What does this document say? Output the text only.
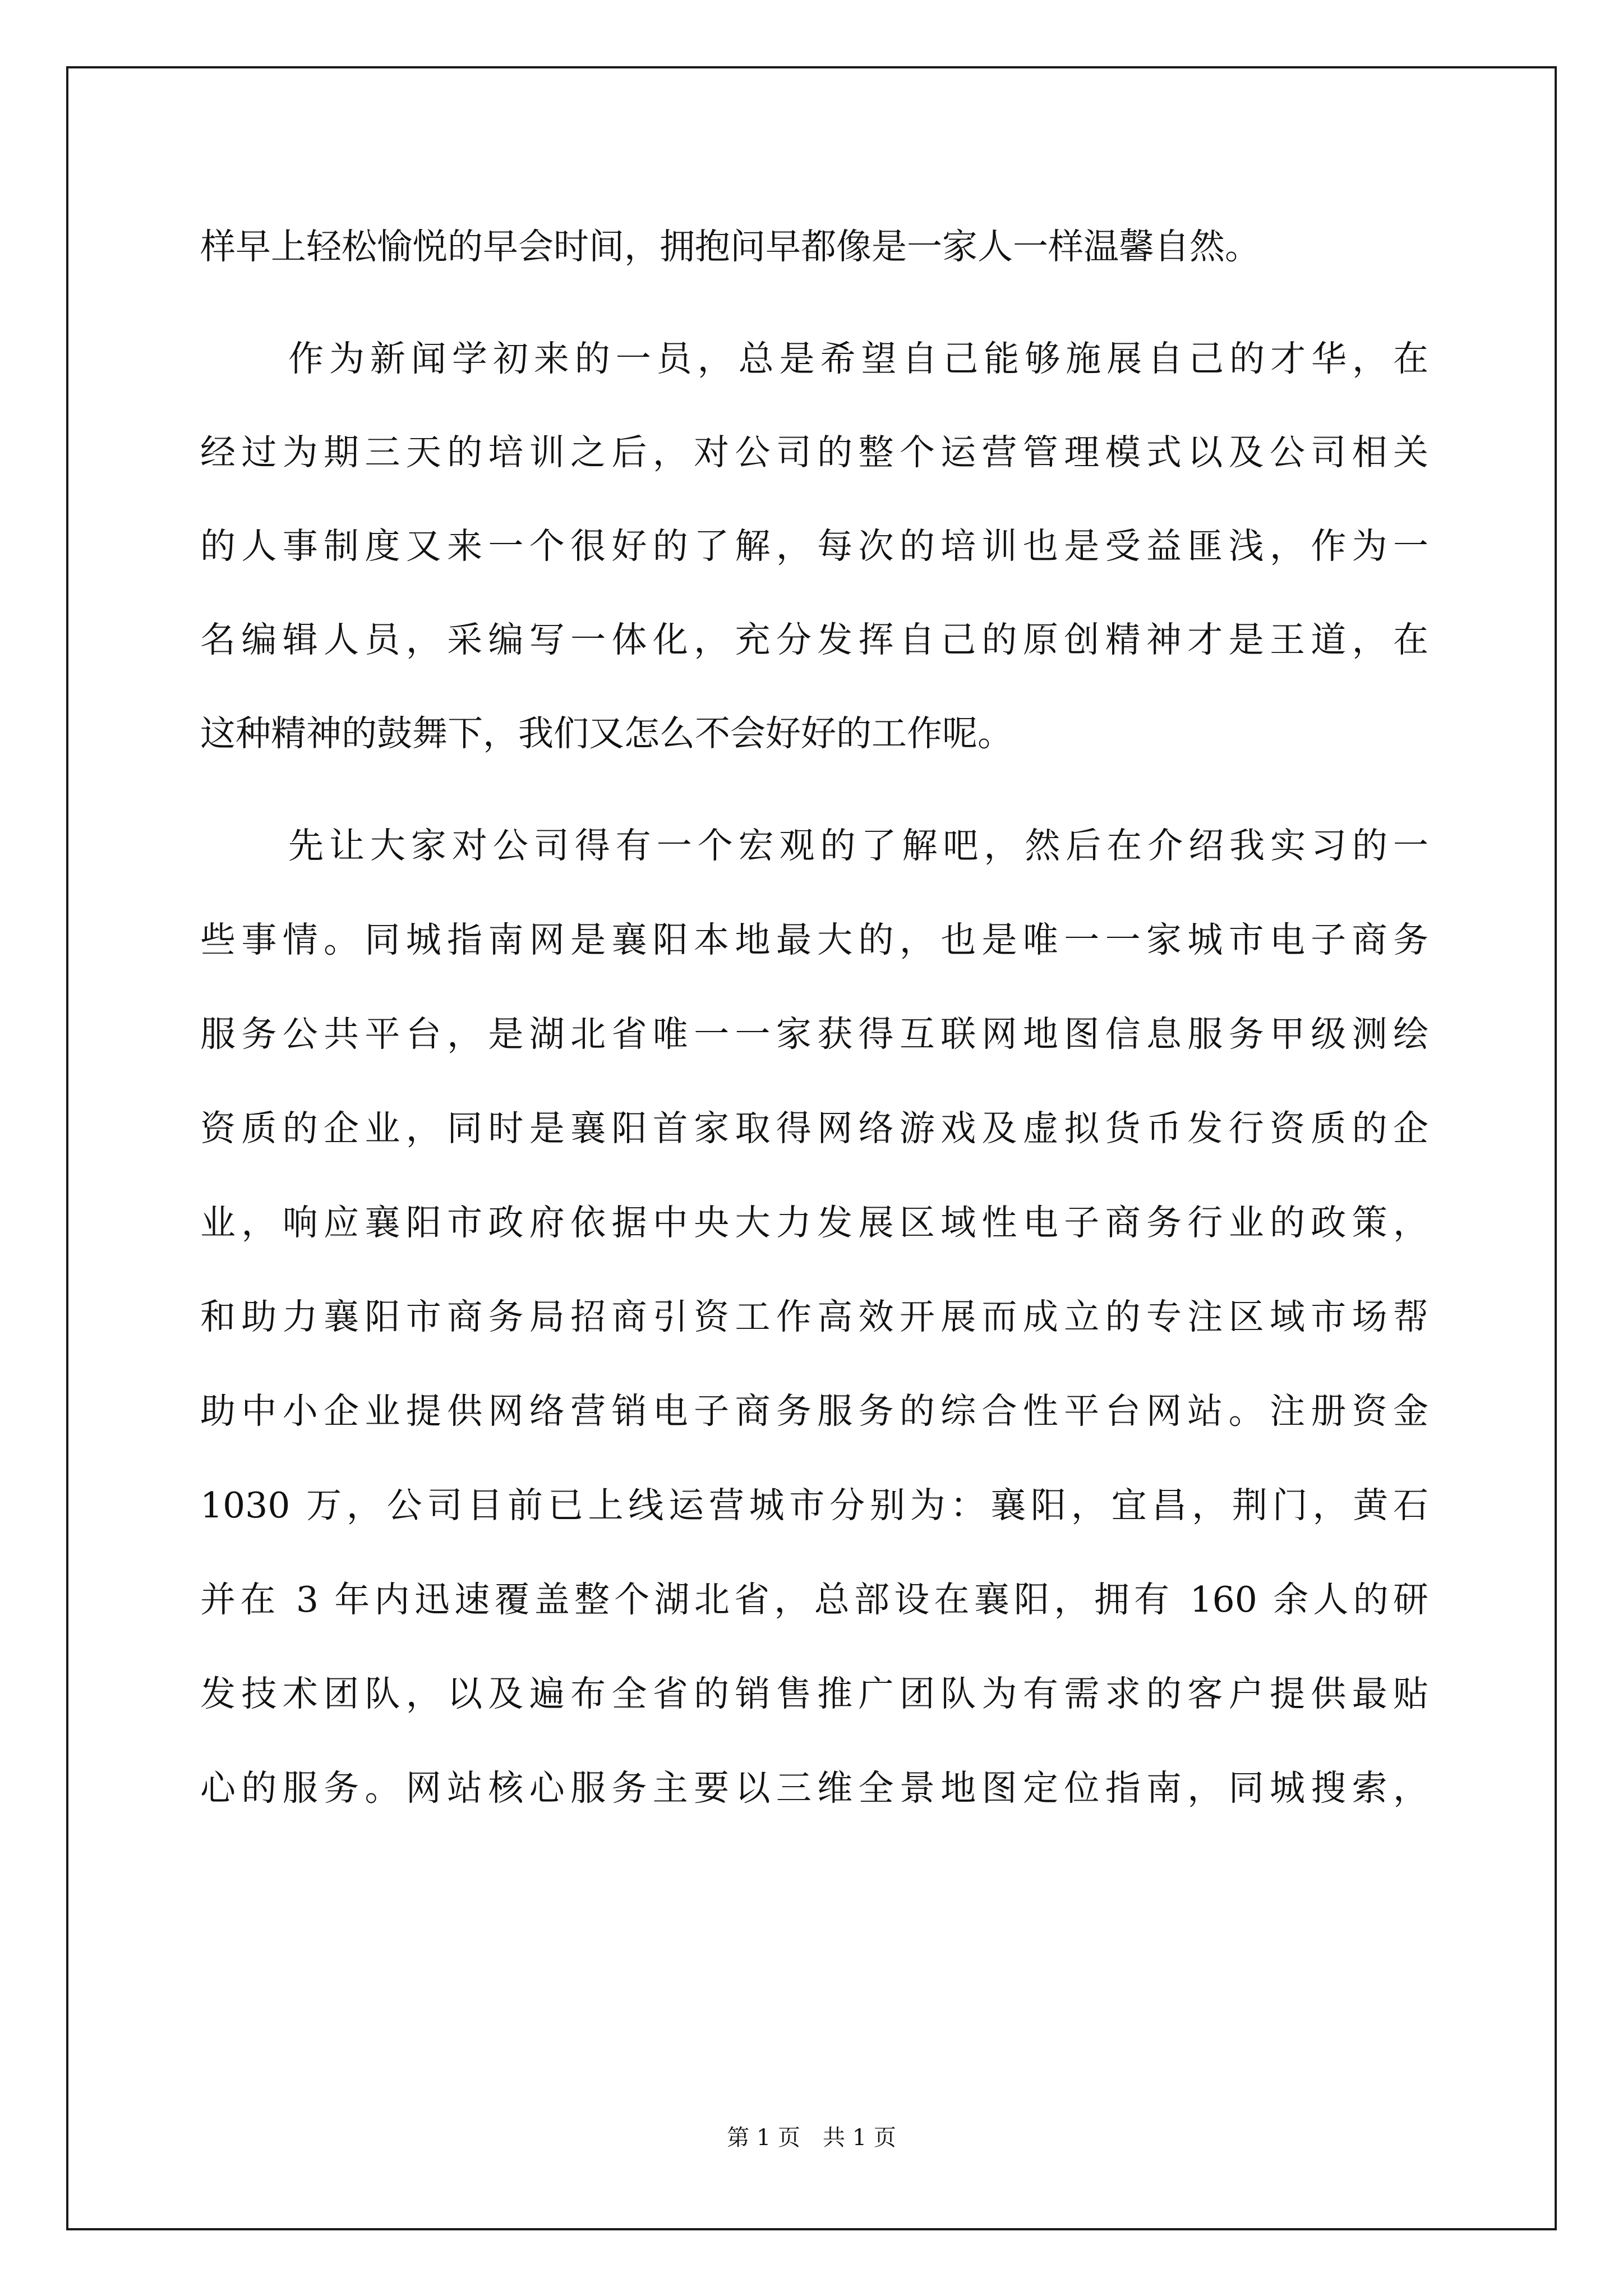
样早上轻松愉悦的早会时间，拥抱问早都像是一家人一样温馨自然。
作为新闻学初来的一员，总是希望自己能够施展自己的才华，在
经过为期三天的培训之后，对公司的整个运营管理模式以及公司相关
的人事制度又来一个很好的了解，每次的培训也是受益匪浅，作为一
名编辑人员，采编写一体化，充分发挥自己的原创精神才是王道，在
这种精神的鼓舞下，我们又怎么不会好好的工作呢。
先让大家对公司得有一个宏观的了解吧，然后在介绍我实习的一
些事情。同城指南网是襄阳本地最大的，也是唯一一家城市电子商务
服务公共平台，是湖北省唯一一家获得互联网地图信息服务甲级测绘
资质的企业，同时是襄阳首家取得网络游戏及虚拟货币发行资质的企
业，响应襄阳市政府依据中央大力发展区域性电子商务行业的政策，
和助力襄阳市商务局招商引资工作高效开展而成立的专注区域市场帮
助中小企业提供网络营销电子商务服务的综合性平台网站。注册资金
1030 万，公司目前已上线运营城市分别为：襄阳，宜昌，荆门，黄石
并在 3 年内迅速覆盖整个湖北省，总部设在襄阳，拥有 160 余人的研
发技术团队，以及遍布全省的销售推广团队为有需求的客户提供最贴
心的服务。网站核心服务主要以三维全景地图定位指南，同城搜索，
第 1 页　共 1 页
